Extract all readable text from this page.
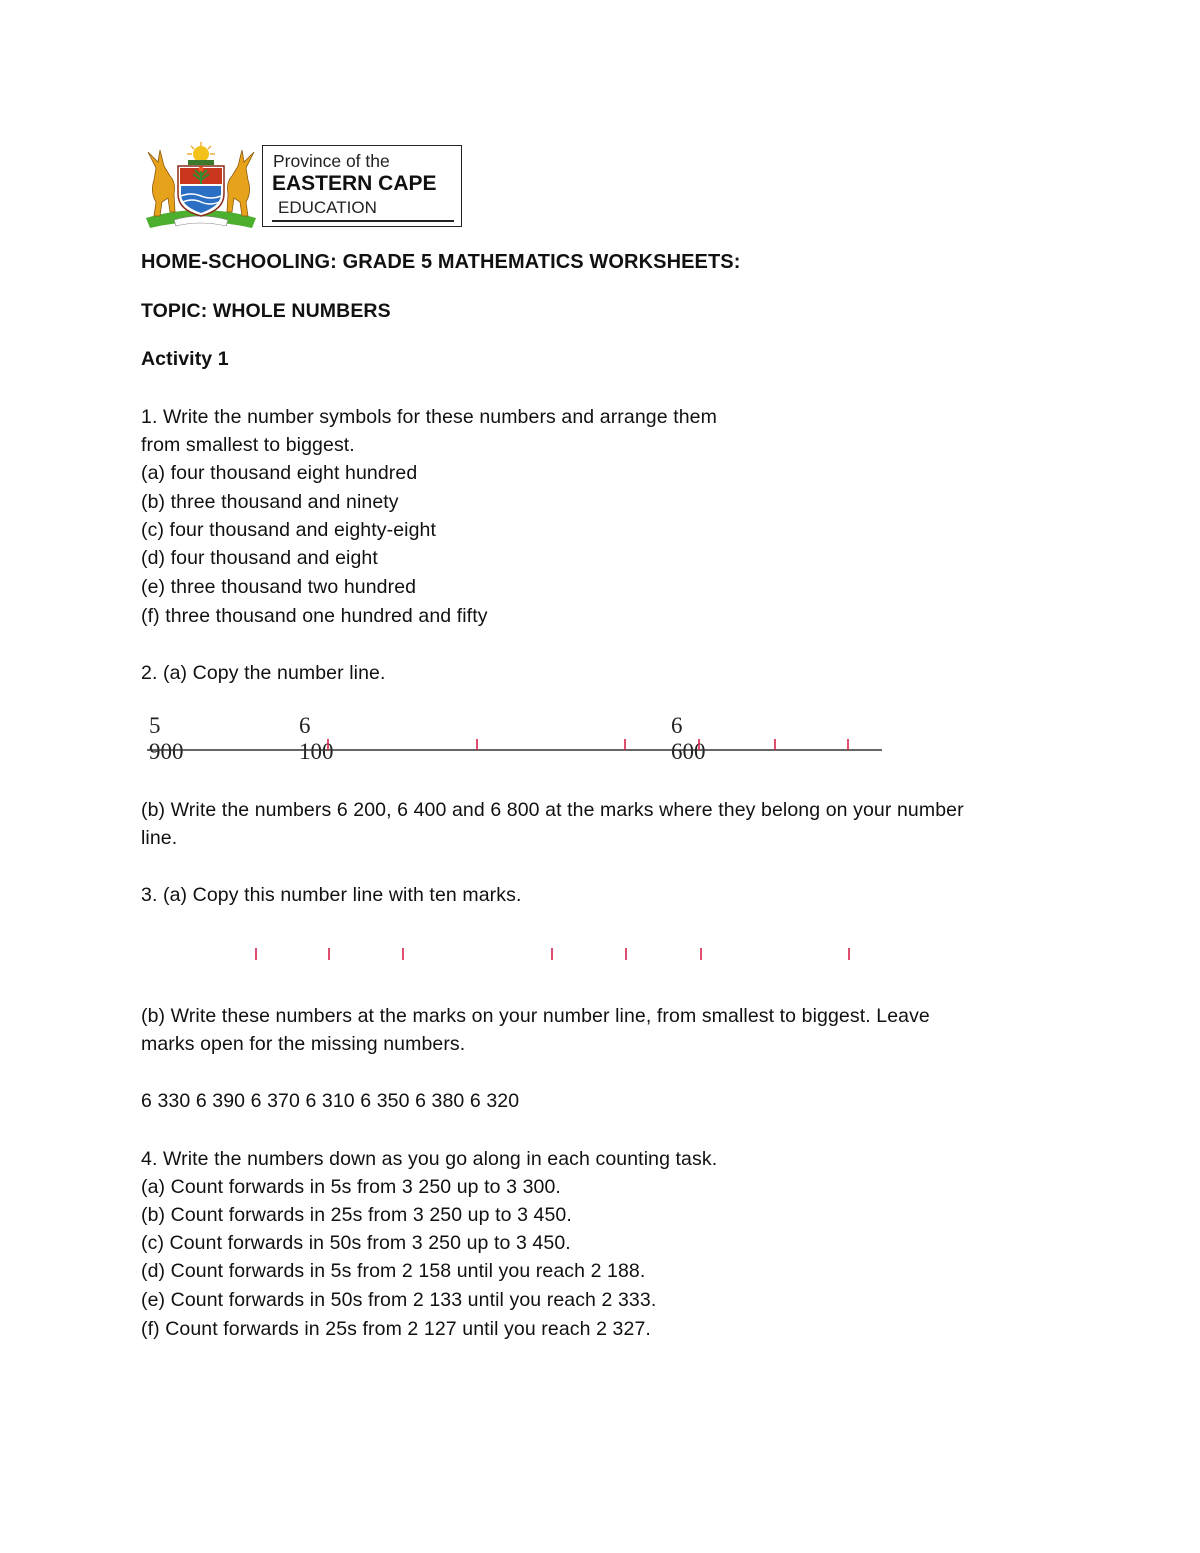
Province of the
EASTERN CAPE
EDUCATION
HOME-SCHOOLING: GRADE 5 MATHEMATICS WORKSHEETS:
TOPIC: WHOLE NUMBERS
Activity 1
1. Write the number symbols for these numbers and arrange them
from smallest to biggest.
(a) four thousand eight hundred
(b) three thousand and ninety
(c) four thousand and eighty-eight
(d) four thousand and eight
(e) three thousand two hundred
(f) three thousand one hundred and fifty
2. (a) Copy the number line.
5 900
6 100
6 600
(b) Write the numbers 6 200, 6 400 and 6 800 at the marks where they belong on your number
line.
3. (a) Copy this number line with ten marks.
(b) Write these numbers at the marks on your number line, from smallest to biggest. Leave
marks open for the missing numbers.
6 330 6 390 6 370 6 310 6 350 6 380 6 320
4. Write the numbers down as you go along in each counting task.
(a) Count forwards in 5s from 3 250 up to 3 300.
(b) Count forwards in 25s from 3 250 up to 3 450.
(c) Count forwards in 50s from 3 250 up to 3 450.
(d) Count forwards in 5s from 2 158 until you reach 2 188.
(e) Count forwards in 50s from 2 133 until you reach 2 333.
(f) Count forwards in 25s from 2 127 until you reach 2 327.
